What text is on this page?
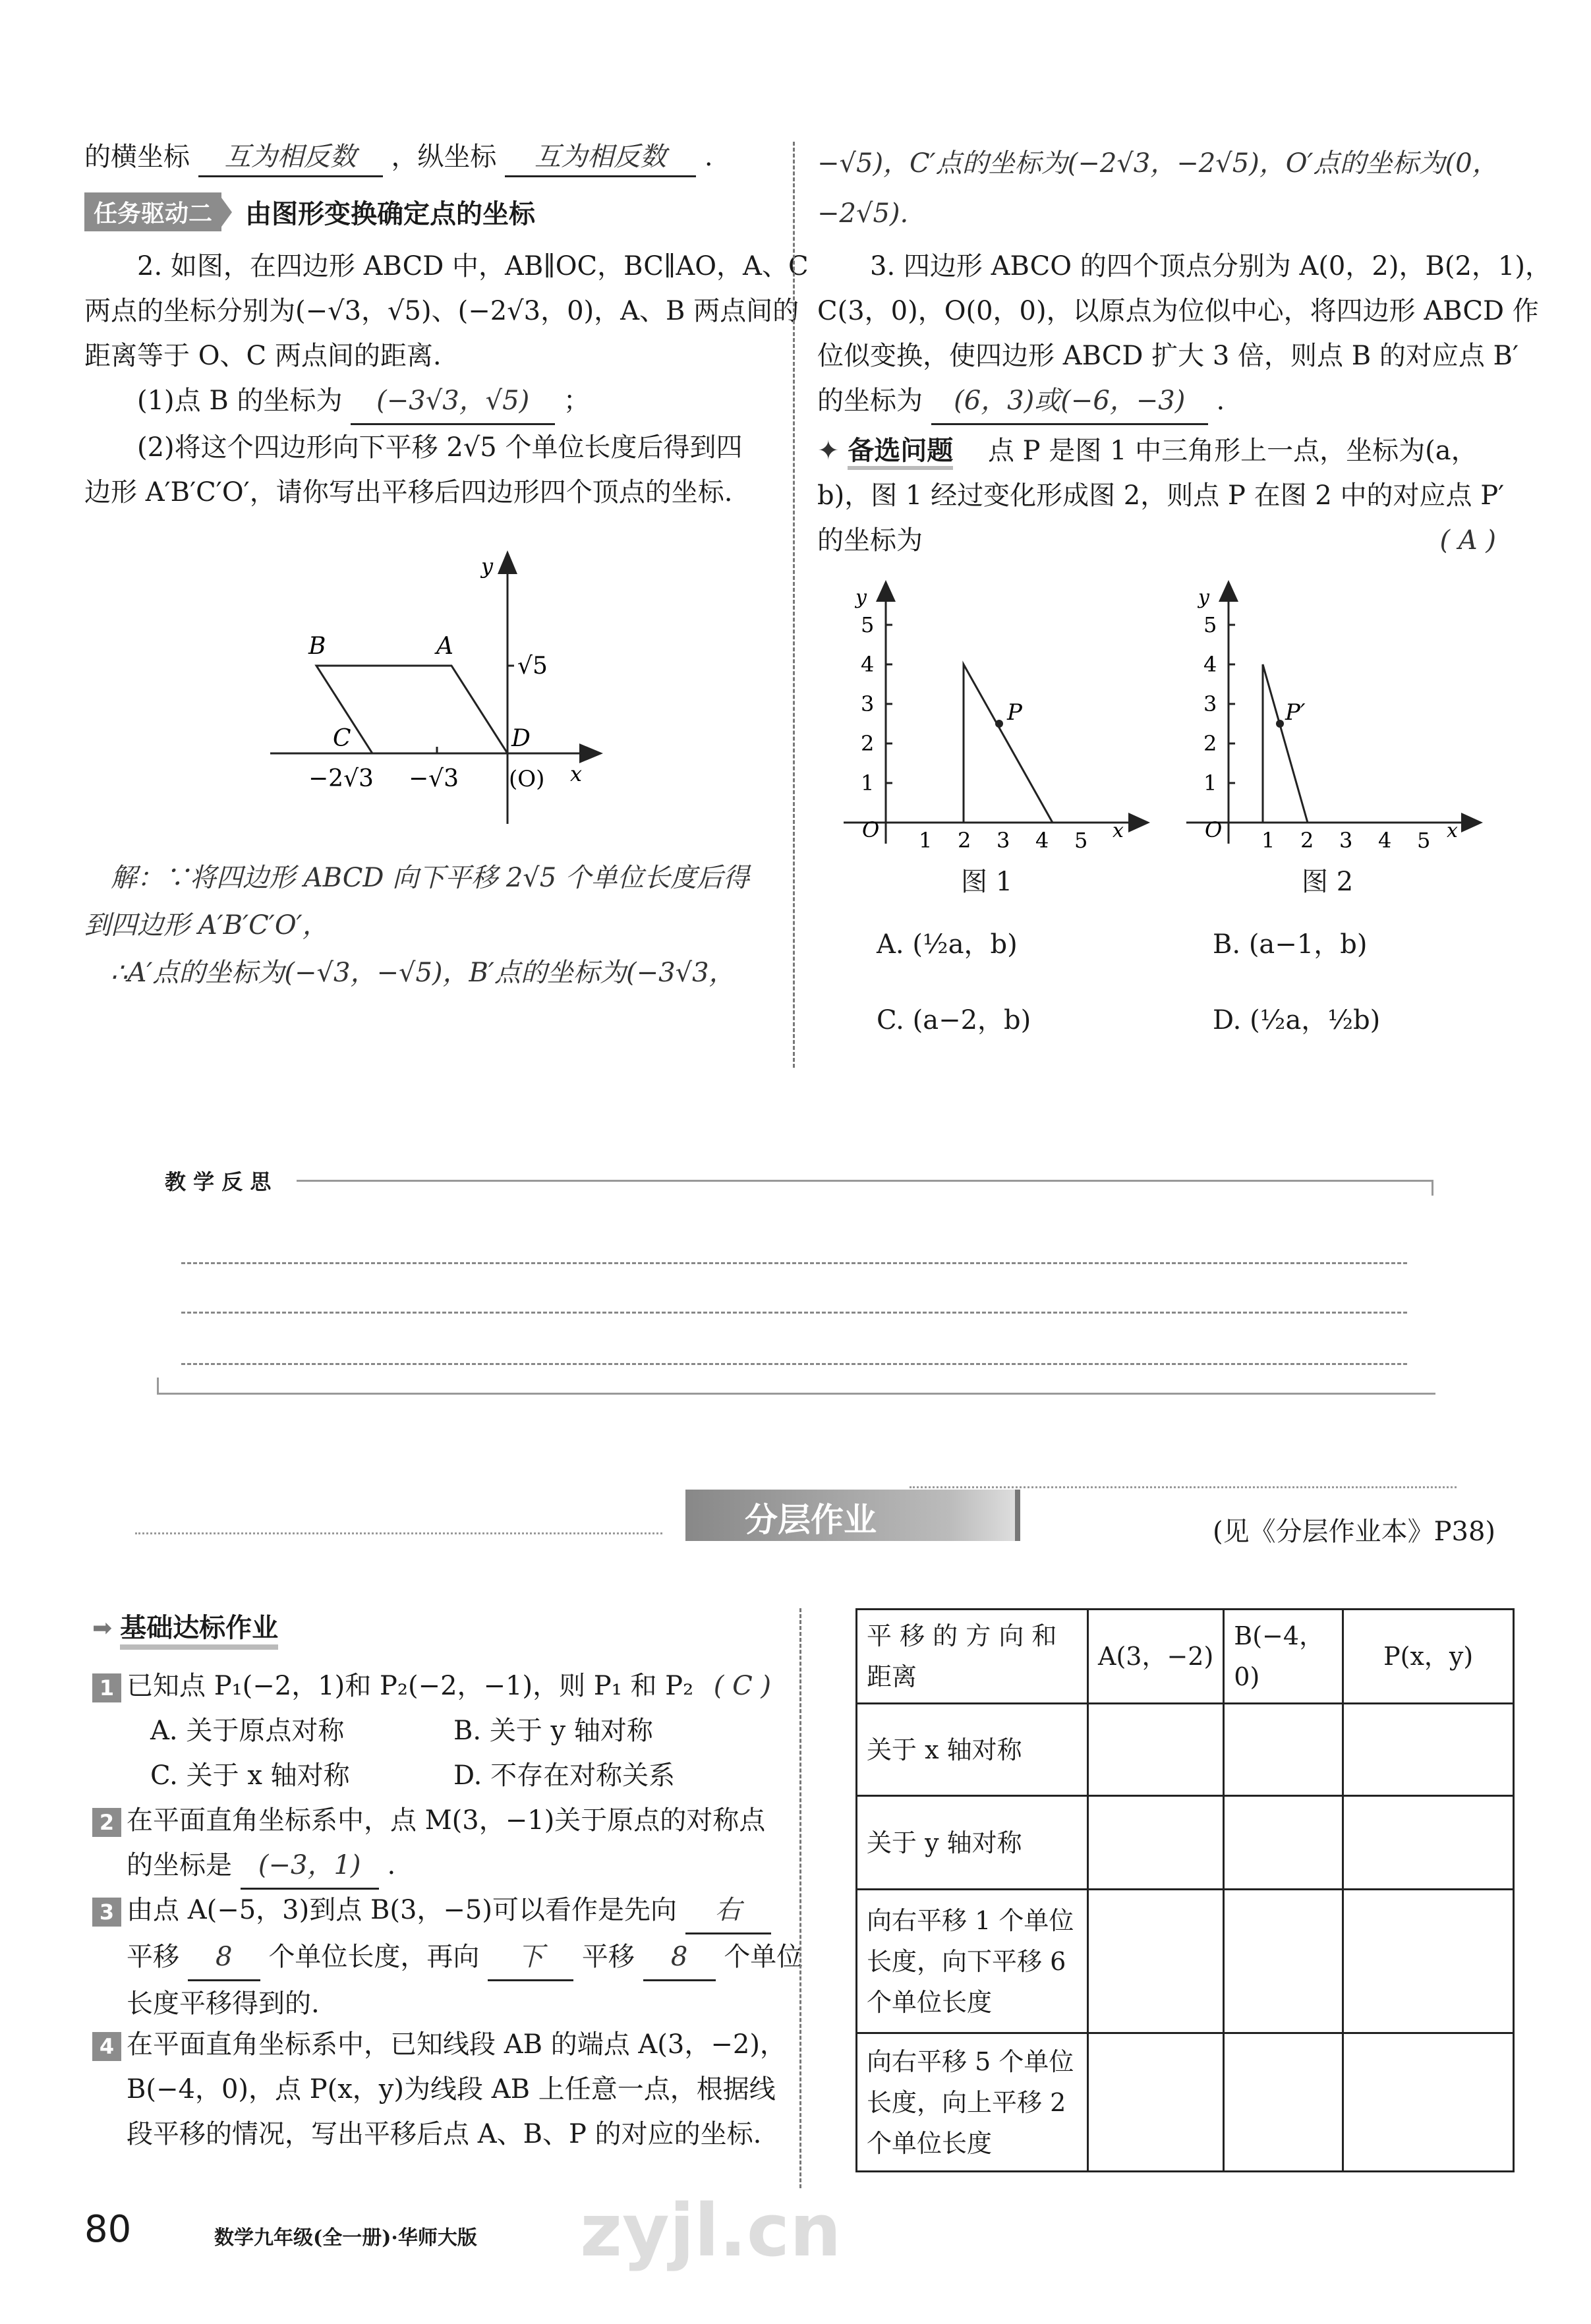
的横坐标 互为相反数 ，纵坐标 互为相反数 .
任务驱动二	由图形变换确定点的坐标
2. 如图，在四边形 ABCD 中，AB∥OC，BC∥AO，A、C
两点的坐标分别为(−√3，√5)、(−2√3，0)，A、B 两点间的
距离等于 O、C 两点间的距离.
(1)点 B 的坐标为 (−3√3，√5) ；
(2)将这个四边形向下平移 2√5 个单位长度后得到四
边形 A′B′C′O′，请你写出平移后四边形四个顶点的坐标.
B	A
C	D
(O) x
y
√5
−2√3 −√3
解：∵将四边形 ABCD 向下平移 2√5 个单位长度后得
到四边形 A′B′C′O′，
∴A′点的坐标为(−√3，−√5)，B′点的坐标为(−3√3，
−√5)，C′点的坐标为(−2√3，−2√5)，O′点的坐标为(0，
−2√5).
3. 四边形 ABCO 的四个顶点分别为 A(0，2)，B(2，1)，
C(3，0)，O(0，0)，以原点为位似中心，将四边形 ABCD 作
位似变换，使四边形 ABCD 扩大 3 倍，则点 B 的对应点 B′
的坐标为 (6，3)或(−6，−3) .
✦ 备选问题 点 P 是图 1 中三角形上一点，坐标为(a，
b)，图 1 经过变化形成图 2，则点 P 在图 2 中的对应点 P′
的坐标为	( A )
1
1
2
2
3
3
4
4
5
5
P
O	x
y
图 1
1
1
2
2
3
3
4
4
5
5
P′
O	x
y
图 2
A. (½a，b)	B. (a−1，b)
C. (a−2，b)	D. (½a，½b)
教 学 反 思
分层作业	(见《分层作业本》P38)
➡ 基础达标作业
1 已知点 P₁(−2，1)和 P₂(−2，−1)，则 P₁ 和 P₂ ( C )
A. 关于原点对称	B. 关于 y 轴对称
C. 关于 x 轴对称	D. 不存在对称关系
2 在平面直角坐标系中，点 M(3，−1)关于原点的对称点
的坐标是 (−3，1) .
3 由点 A(−5，3)到点 B(3，−5)可以看作是先向 右
平移 8 个单位长度，再向 下 平移 8 个单位
长度平移得到的.
4 在平面直角坐标系中，已知线段 AB 的端点 A(3，−2)，
B(−4，0)，点 P(x，y)为线段 AB 上任意一点，根据线
段平移的情况，写出平移后点 A、B、P 的对应的坐标.
平 移 的 方 向 和 距离	A(3，−2)	B(−4，0)	P(x，y)
关于 x 轴对称			
关于 y 轴对称			
向右平移 1 个单位长度，向下平移 6 个单位长度			
向右平移 5 个单位长度，向上平移 2 个单位长度			
80	数学九年级(全一册)·华师大版 zyjl.cn
